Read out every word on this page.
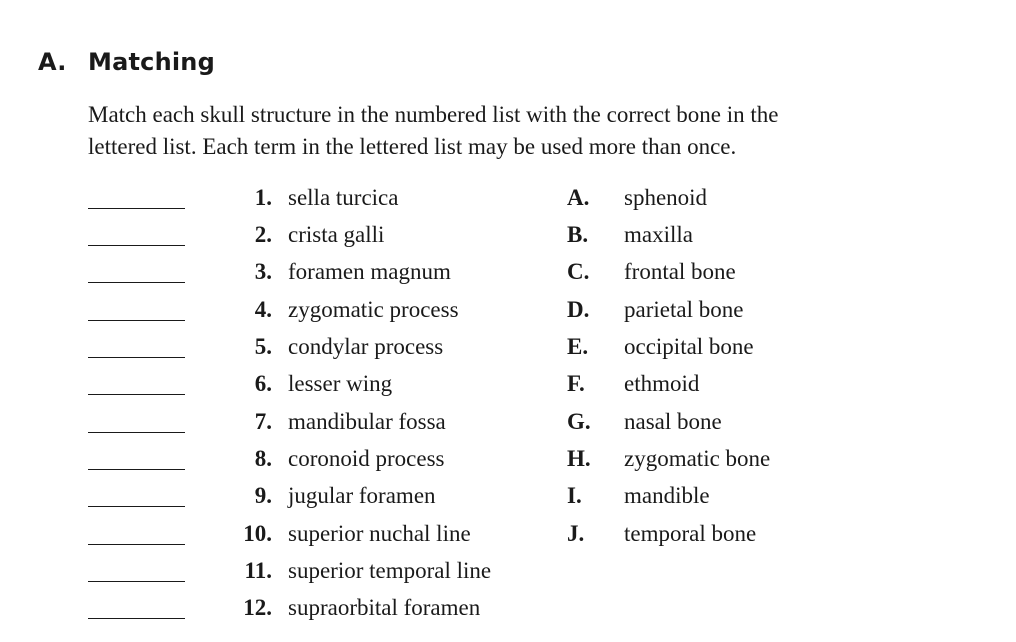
A. Matching

Match each skull structure in the numbered list with the correct bone in the

lettered list. Each term in the lettered list may be used more than once.

1. sella turcica	A. sphenoid
2. crista galli	B. maxilla
3. foramen magnum	C. frontal bone
4. zygomatic process	D. parietal bone
5. condylar process	E. occipital bone
6. lesser wing	F. ethmoid
7. mandibular fossa	G. nasal bone
8. coronoid process	H. zygomatic bone
9. jugular foramen	I. mandible
10. superior nuchal line	J. temporal bone
11. superior temporal line
12. supraorbital foramen
